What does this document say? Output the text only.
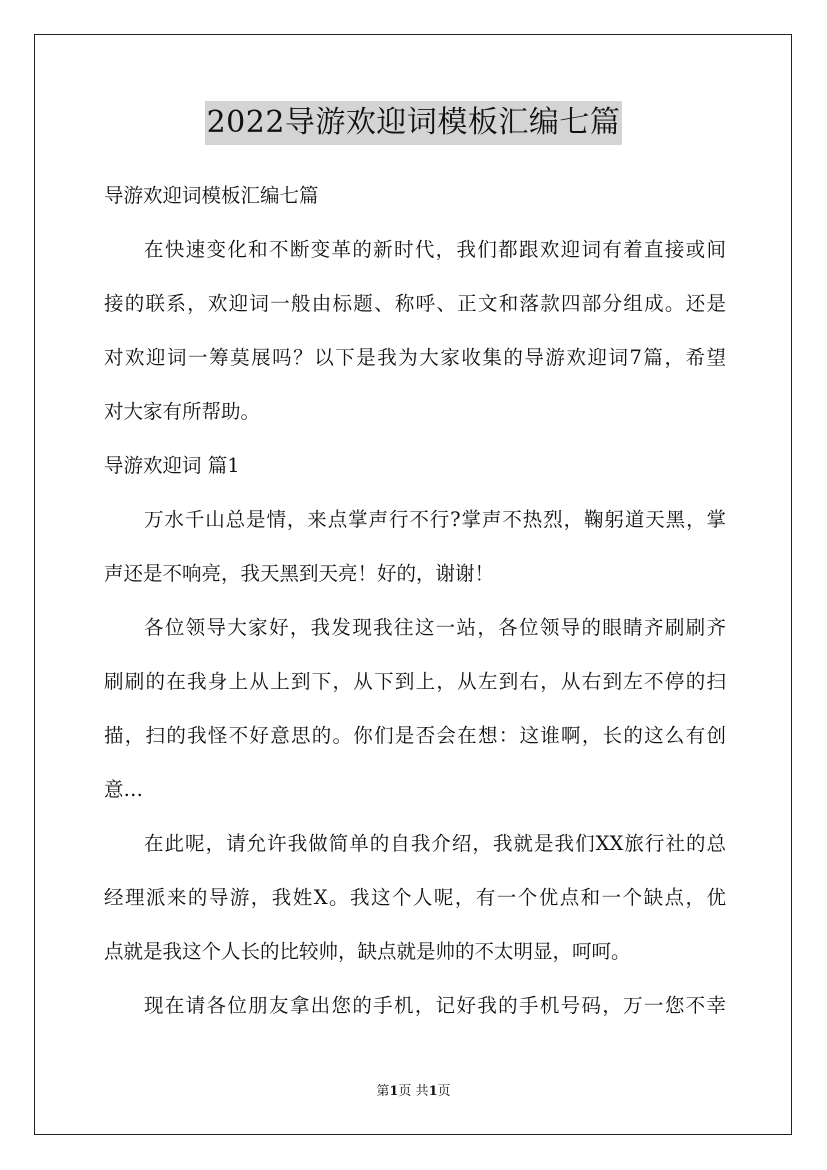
2022导游欢迎词模板汇编七篇
导游欢迎词模板汇编七篇
在快速变化和不断变革的新时代，我们都跟欢迎词有着直接或间
接的联系，欢迎词一般由标题、称呼、正文和落款四部分组成。还是
对欢迎词一筹莫展吗？以下是我为大家收集的导游欢迎词7篇，希望
对大家有所帮助。
导游欢迎词 篇1
万水千山总是情，来点掌声行不行?掌声不热烈，鞠躬道天黑，掌
声还是不响亮，我天黑到天亮！好的，谢谢！
各位领导大家好，我发现我往这一站，各位领导的眼睛齐刷刷齐
刷刷的在我身上从上到下，从下到上，从左到右，从右到左不停的扫
描，扫的我怪不好意思的。你们是否会在想：这谁啊，长的这么有创
意…
在此呢，请允许我做简单的自我介绍，我就是我们XX旅行社的总
经理派来的导游，我姓X。我这个人呢，有一个优点和一个缺点，优
点就是我这个人长的比较帅，缺点就是帅的不太明显，呵呵。
现在请各位朋友拿出您的手机，记好我的手机号码，万一您不幸
第1页 共1页
